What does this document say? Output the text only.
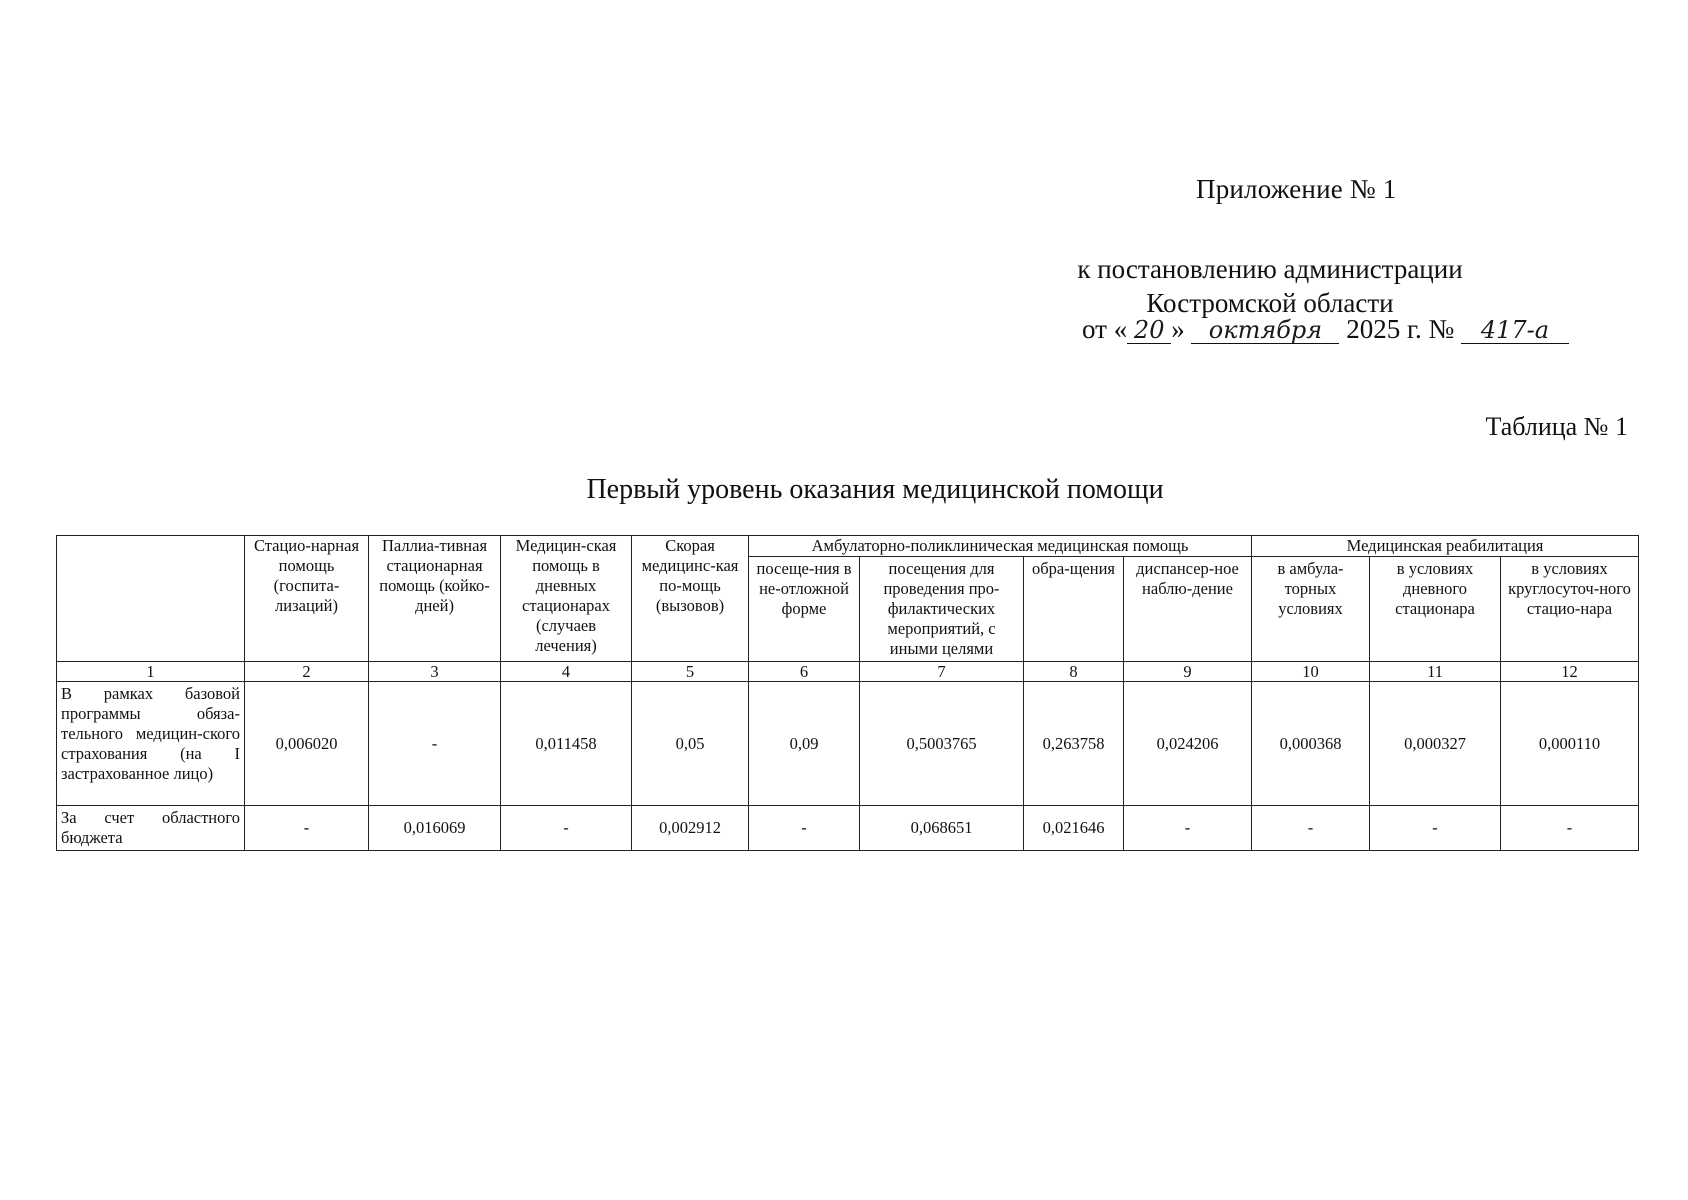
Приложение № 1
к постановлению администрации
Костромской области
от « 20 » октября 2025 г. № 417-а
Таблица № 1
Первый уровень оказания медицинской помощи
	Стацио-нарная помощь (госпита-лизаций)	Паллиа-тивная стационарная помощь (койко-дней)	Медицин-ская помощь в дневных стационарах (случаев лечения)	Скорая медицинс-кая по-мощь (вызовов)	Амбулаторно-поликлиническая медицинская помощь				Медицинская реабилитация		
					посеще-ния в не-отложной форме	посещения для проведения про-филактических мероприятий, с иными целями	обра-щения	диспансер-ное наблю-дение	в амбула-торных условиях	в условиях дневного стационара	в условиях круглосуточ-ного стацио-нара
1	2	3	4	5	6	7	8	9	10	11	12
В рамках базовой программы обяза-тельного медицин-ского страхования (на I застрахованное лицо)	0,006020	-	0,011458	0,05	0,09	0,5003765	0,263758	0,024206	0,000368	0,000327	0,000110
За счет областного бюджета	-	0,016069	-	0,002912	-	0,068651	0,021646	-	-	-	-
